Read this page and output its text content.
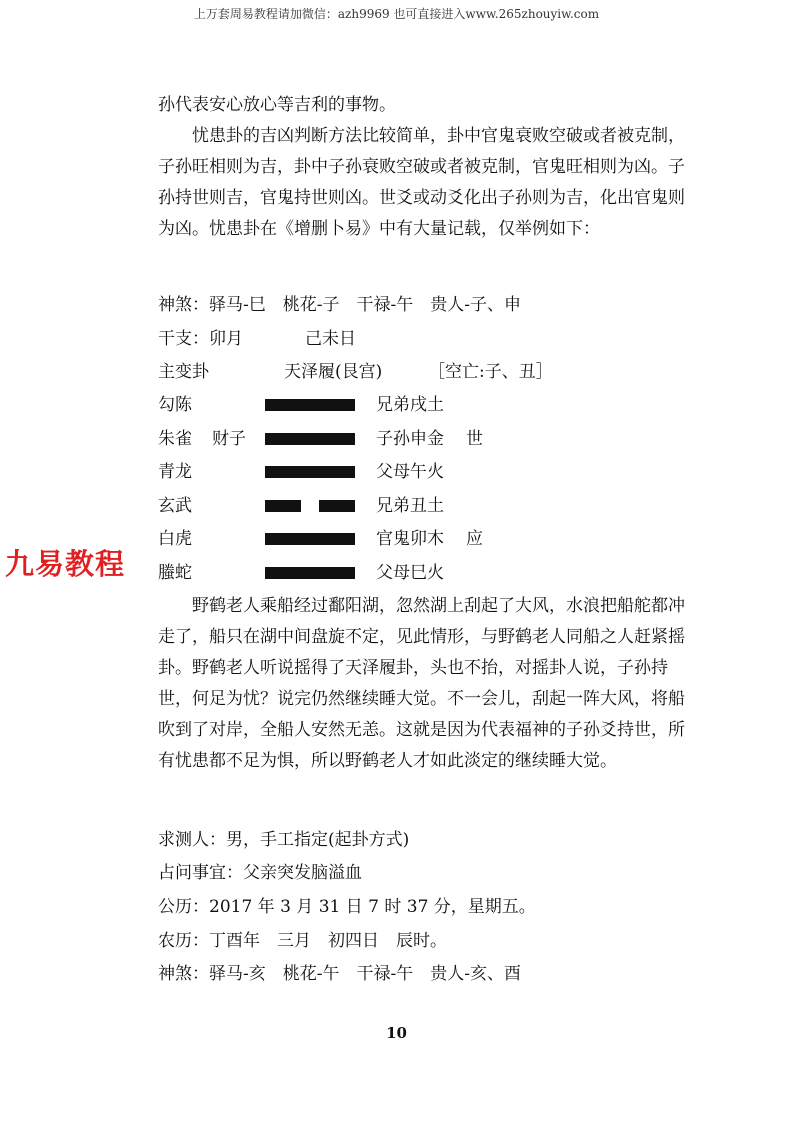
上万套周易教程请加微信：azh9969 也可直接进入www.265zhouyiw.com

孙代表安心放心等吉利的事物。

忧患卦的吉凶判断方法比较简单，卦中官鬼衰败空破或者被克制，子孙旺相则为吉，卦中子孙衰败空破或者被克制，官鬼旺相则为凶。子孙持世则吉，官鬼持世则凶。世爻或动爻化出子孙则为吉，化出官鬼则为凶。忧患卦在《增删卜易》中有大量记载，仅举例如下：

神煞：驿马-巳　桃花-子　干禄-午　贵人-子、申
干支：卯月	己未日
主变卦	天泽履(艮宫)	［空亡:子、丑］
勾陈	兄弟戌土
朱雀 财子	子孙申金 世
青龙	父母午火
玄武	兄弟丑土
白虎	官鬼卯木 应
螣蛇	父母巳火

野鹤老人乘船经过鄱阳湖，忽然湖上刮起了大风，水浪把船舵都冲走了，船只在湖中间盘旋不定，见此情形，与野鹤老人同船之人赶紧摇卦。野鹤老人听说摇得了天泽履卦，头也不抬，对摇卦人说，子孙持世，何足为忧？说完仍然继续睡大觉。不一会儿，刮起一阵大风，将船吹到了对岸，全船人安然无恙。这就是因为代表福神的子孙爻持世，所有忧患都不足为惧，所以野鹤老人才如此淡定的继续睡大觉。

求测人：男，手工指定(起卦方式)
占问事宜：父亲突发脑溢血
公历：2017 年 3 月 31 日 7 时 37 分，星期五。
农历：丁酉年　三月　初四日　辰时。
神煞：驿马-亥　桃花-午　干禄-午　贵人-亥、酉
九易教程
10
